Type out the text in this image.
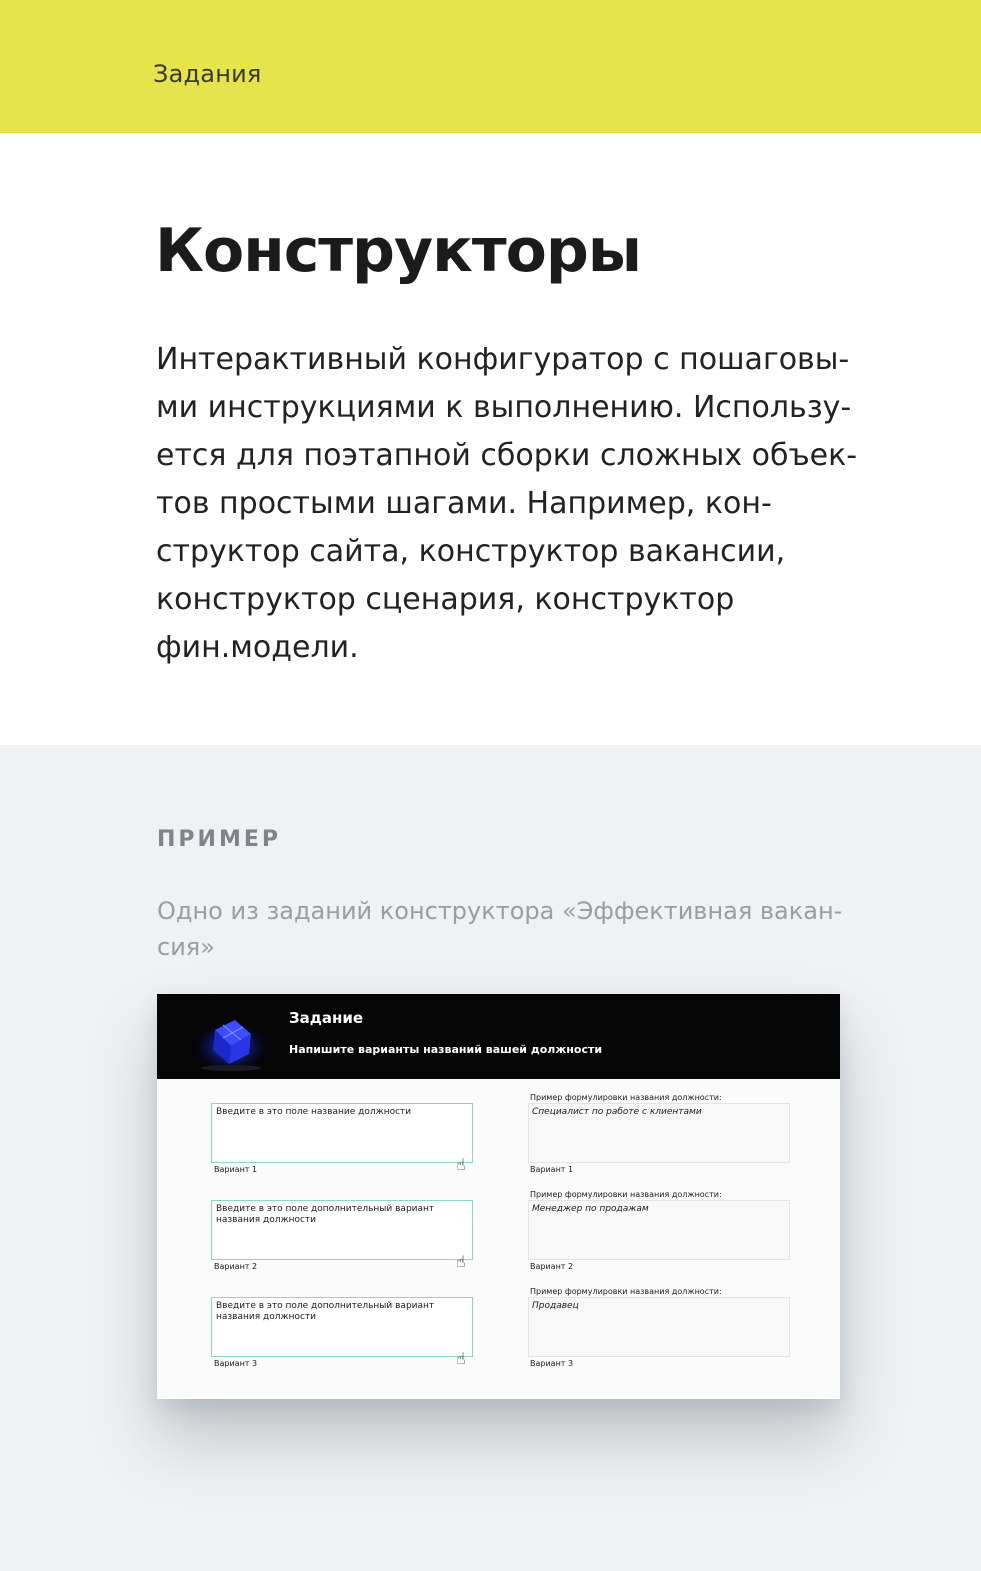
Задания
Конструкторы
Интерактивный конфигуратор с пошаговы-
ми инструкциями к выполнению. Использу-
ется для поэтапной сборки сложных объек-
тов простыми шагами. Например, кон-
структор сайта, конструктор вакансии,
конструктор сценария, конструктор
фин.модели.
ПРИМЕР
Одно из заданий конструктора «Эффективная вакан-
сия»
Задание
Напишите варианты названий вашей должности
Введите в это поле название должности
☝
Вариант 1
Пример формулировки названия должности:
Специалист по работе с клиентами
Вариант 1
Введите в это поле дополнительный вариант названия должности
☝
Вариант 2
Пример формулировки названия должности:
Менеджер по продажам
Вариант 2
Введите в это поле дополнительный вариант названия должности
☝
Вариант 3
Пример формулировки названия должности:
Продавец
Вариант 3
